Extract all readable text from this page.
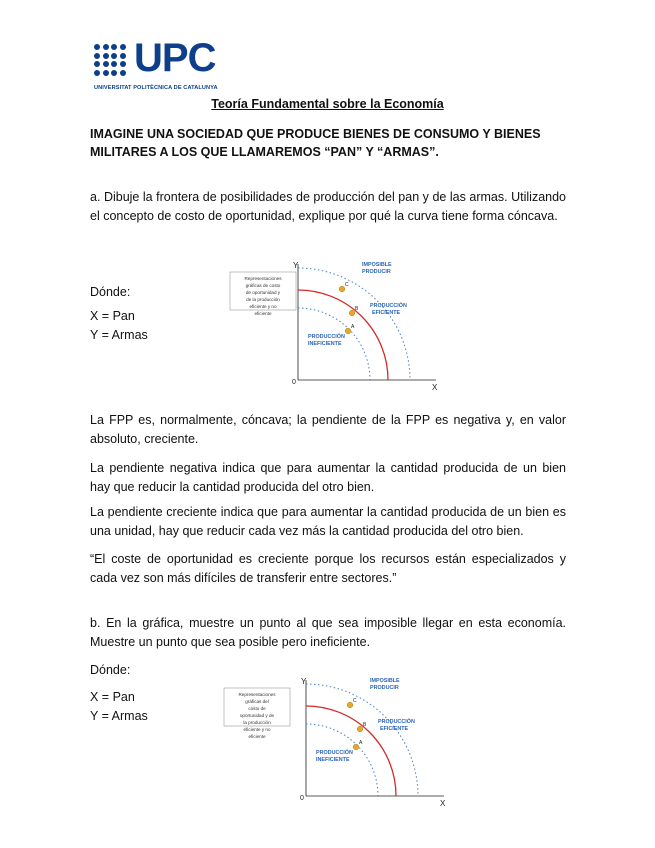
UPC
UNIVERSITAT POLITÈCNICA DE CATALUNYA
Teoría Fundamental sobre la Economía
IMAGINE UNA SOCIEDAD QUE PRODUCE BIENES DE CONSUMO Y BIENES MILITARES A LOS QUE LLAMAREMOS “PAN” Y “ARMAS”.
a. Dibuje la frontera de posibilidades de producción del pan y de las armas. Utilizando el concepto de costo de oportunidad, explique por qué la curva tiene forma cóncava.
Dónde:
X = Pan
Y = Armas
Representaciones
gráficas de costo
de oportunidad y
de la producción
eficiente y no
eficiente
Y
X
0
IMPOSIBLE
PRODUCIR
PRODUCCIÓN
EFICIENTE
PRODUCCIÓN
INEFICIENTE
C
B
A
La FPP es, normalmente, cóncava; la pendiente de la FPP es negativa y, en valor absoluto, creciente.
La pendiente negativa indica que para aumentar la cantidad producida de un bien hay que reducir la cantidad producida del otro bien.
La pendiente creciente indica que para aumentar la cantidad producida de un bien es una unidad, hay que reducir cada vez más la cantidad producida del otro bien.
“El coste de oportunidad es creciente porque los recursos están especializados y cada vez son más difíciles de transferir entre sectores.”
b. En la gráfica, muestre un punto al que sea imposible llegar en esta economía. Muestre un punto que sea posible pero ineficiente.
Dónde:
X = Pan
Y = Armas
Representaciones
gráficas del
costo de
oportunidad y de
la producción
eficiente y no
eficiente
Y
X
0
IMPOSIBLE
PRODUCIR
PRODUCCIÓN
EFICIENTE
PRODUCCIÓN
INEFICIENTE
C
B
A
